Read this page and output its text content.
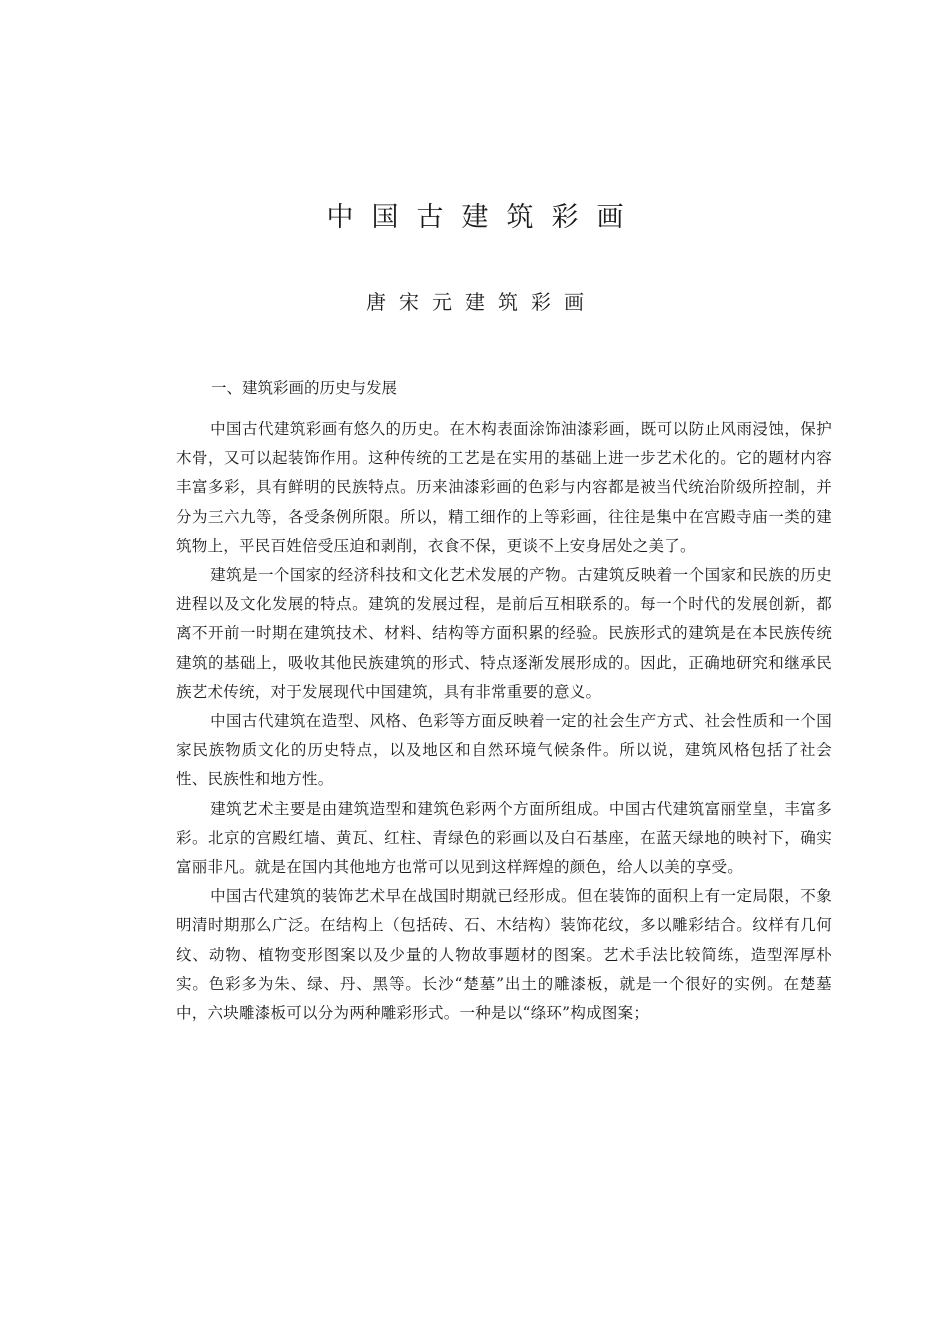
中国古建筑彩画
唐宋元建筑彩画
一、建筑彩画的历史与发展

中国古代建筑彩画有悠久的历史。在木构表面涂饰油漆彩画，既可以防止风雨浸蚀，保护木骨，又可以起装饰作用。这种传统的工艺是在实用的基础上进一步艺术化的。它的题材内容丰富多彩，具有鲜明的民族特点。历来油漆彩画的色彩与内容都是被当代统治阶级所控制，并分为三六九等，各受条例所限。所以，精工细作的上等彩画，往往是集中在宫殿寺庙一类的建筑物上，平民百姓倍受压迫和剥削，衣食不保，更谈不上安身居处之美了。

建筑是一个国家的经济科技和文化艺术发展的产物。古建筑反映着一个国家和民族的历史进程以及文化发展的特点。建筑的发展过程，是前后互相联系的。每一个时代的发展创新，都离不开前一时期在建筑技术、材料、结构等方面积累的经验。民族形式的建筑是在本民族传统建筑的基础上，吸收其他民族建筑的形式、特点逐渐发展形成的。因此，正确地研究和继承民族艺术传统，对于发展现代中国建筑，具有非常重要的意义。

中国古代建筑在造型、风格、色彩等方面反映着一定的社会生产方式、社会性质和一个国家民族物质文化的历史特点，以及地区和自然环境气候条件。所以说，建筑风格包括了社会性、民族性和地方性。

建筑艺术主要是由建筑造型和建筑色彩两个方面所组成。中国古代建筑富丽堂皇，丰富多彩。北京的宫殿红墙、黄瓦、红柱、青绿色的彩画以及白石基座，在蓝天绿地的映衬下，确实富丽非凡。就是在国内其他地方也常可以见到这样辉煌的颜色，给人以美的享受。

中国古代建筑的装饰艺术早在战国时期就已经形成。但在装饰的面积上有一定局限，不象明清时期那么广泛。在结构上（包括砖、石、木结构）装饰花纹，多以雕彩结合。纹样有几何纹、动物、植物变形图案以及少量的人物故事题材的图案。艺术手法比较简练，造型浑厚朴实。色彩多为朱、绿、丹、黑等。长沙“楚墓”出土的雕漆板，就是一个很好的实例。在楚墓中，六块雕漆板可以分为两种雕彩形式。一种是以“绦环”构成图案；
